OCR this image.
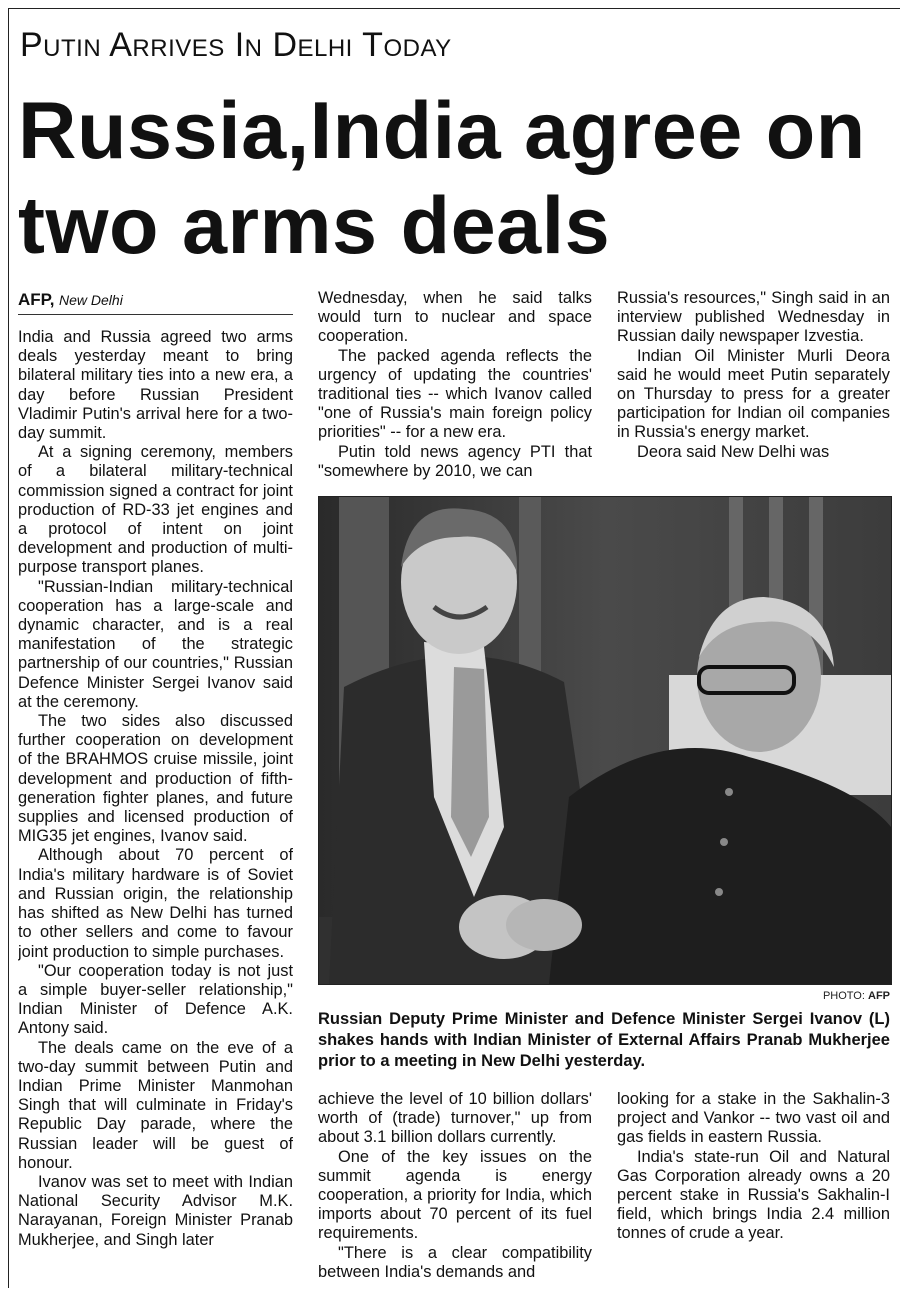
Putin Arrives In Delhi Today
Russia,India agree on
two arms deals
AFP, New Delhi

India and Russia agreed two arms deals yesterday meant to bring bilateral military ties into a new era, a day before Russian President Vladimir Putin's arrival here for a two-day summit.

At a signing ceremony, members of a bilateral military-technical commission signed a contract for joint production of RD-33 jet engines and a protocol of intent on joint development and production of multi-purpose transport planes.

"Russian-Indian military-technical cooperation has a large-scale and dynamic character, and is a real manifestation of the strategic partnership of our countries," Russian Defence Minister Sergei Ivanov said at the ceremony.

The two sides also discussed further cooperation on development of the BRAHMOS cruise missile, joint development and production of fifth-generation fighter planes, and future supplies and licensed production of MIG35 jet engines, Ivanov said.

Although about 70 percent of India's military hardware is of Soviet and Russian origin, the relationship has shifted as New Delhi has turned to other sellers and come to favour joint production to simple purchases.

"Our cooperation today is not just a simple buyer-seller relationship," Indian Minister of Defence A.K. Antony said.

The deals came on the eve of a two-day summit between Putin and Indian Prime Minister Manmohan Singh that will culminate in Friday's Republic Day parade, where the Russian leader will be guest of honour.

Ivanov was set to meet with Indian National Security Advisor M.K. Narayanan, Foreign Minister Pranab Mukherjee, and Singh later

Wednesday, when he said talks would turn to nuclear and space cooperation.

The packed agenda reflects the urgency of updating the countries' traditional ties -- which Ivanov called "one of Russia's main foreign policy priorities" -- for a new era.

Putin told news agency PTI that "somewhere by 2010, we can

Russia's resources," Singh said in an interview published Wednesday in Russian daily newspaper Izvestia.

Indian Oil Minister Murli Deora said he would meet Putin separately on Thursday to press for a greater participation for Indian oil companies in Russia's energy market.

Deora said New Delhi was

PHOTO: AFP
Russian Deputy Prime Minister and Defence Minister Sergei Ivanov (L) shakes hands with Indian Minister of External Affairs Pranab Mukherjee prior to a meeting in New Delhi yesterday.

achieve the level of 10 billion dollars' worth of (trade) turnover," up from about 3.1 billion dollars currently.

One of the key issues on the summit agenda is energy cooperation, a priority for India, which imports about 70 percent of its fuel requirements.

"There is a clear compatibility between India's demands and

looking for a stake in the Sakhalin-3 project and Vankor -- two vast oil and gas fields in eastern Russia.

India's state-run Oil and Natural Gas Corporation already owns a 20 percent stake in Russia's Sakhalin-I field, which brings India 2.4 million tonnes of crude a year.
